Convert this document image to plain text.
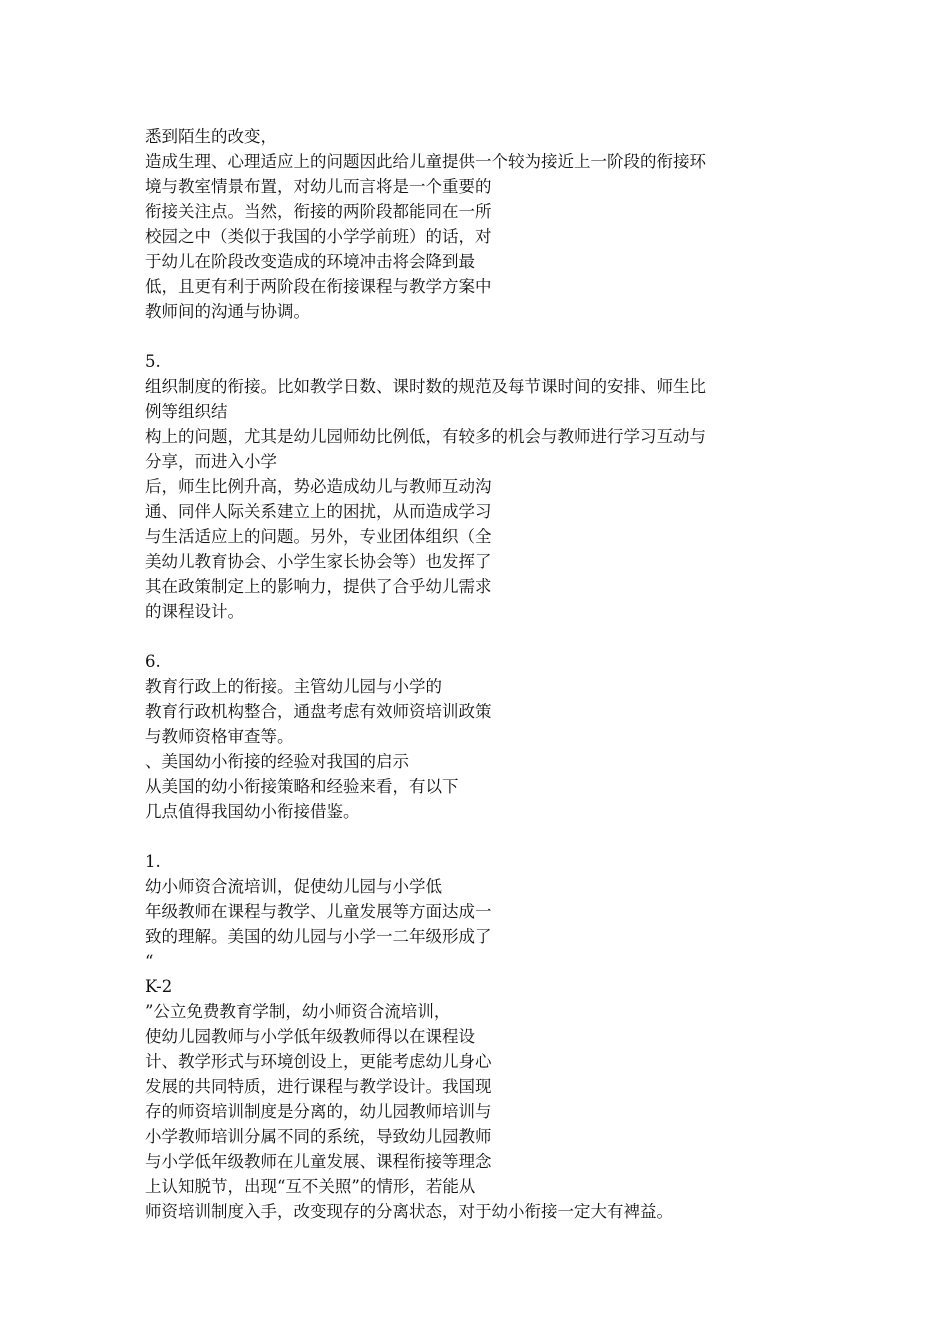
悉到陌生的改变，
造成生理、心理适应上的问题因此给儿童提供一个较为接近上一阶段的衔接环
境与教室情景布置，对幼儿而言将是一个重要的
衔接关注点。当然，衔接的两阶段都能同在一所
校园之中（类似于我国的小学学前班）的话，对
于幼儿在阶段改变造成的环境冲击将会降到最
低，且更有利于两阶段在衔接课程与教学方案中
教师间的沟通与协调。
5.
组织制度的衔接。比如教学日数、课时数的规范及每节课时间的安排、师生比
例等组织结
构上的问题，尤其是幼儿园师幼比例低，有较多的机会与教师进行学习互动与
分享，而进入小学
后，师生比例升高，势必造成幼儿与教师互动沟
通、同伴人际关系建立上的困扰，从而造成学习
与生活适应上的问题。另外，专业团体组织（全
美幼儿教育协会、小学生家长协会等）也发挥了
其在政策制定上的影响力，提供了合乎幼儿需求
的课程设计。
6.
教育行政上的衔接。主管幼儿园与小学的
教育行政机构整合，通盘考虑有效师资培训政策
与教师资格审查等。
、美国幼小衔接的经验对我国的启示
从美国的幼小衔接策略和经验来看，有以下
几点值得我国幼小衔接借鉴。
1.
幼小师资合流培训，促使幼儿园与小学低
年级教师在课程与教学、儿童发展等方面达成一
致的理解。美国的幼儿园与小学一二年级形成了
“
K-2
”公立免费教育学制，幼小师资合流培训，
使幼儿园教师与小学低年级教师得以在课程设
计、教学形式与环境创设上，更能考虑幼儿身心
发展的共同特质，进行课程与教学设计。我国现
存的师资培训制度是分离的，幼儿园教师培训与
小学教师培训分属不同的系统，导致幼儿园教师
与小学低年级教师在儿童发展、课程衔接等理念
上认知脱节，出现“互不关照”的情形，若能从
师资培训制度入手，改变现存的分离状态，对于幼小衔接一定大有裨益。
